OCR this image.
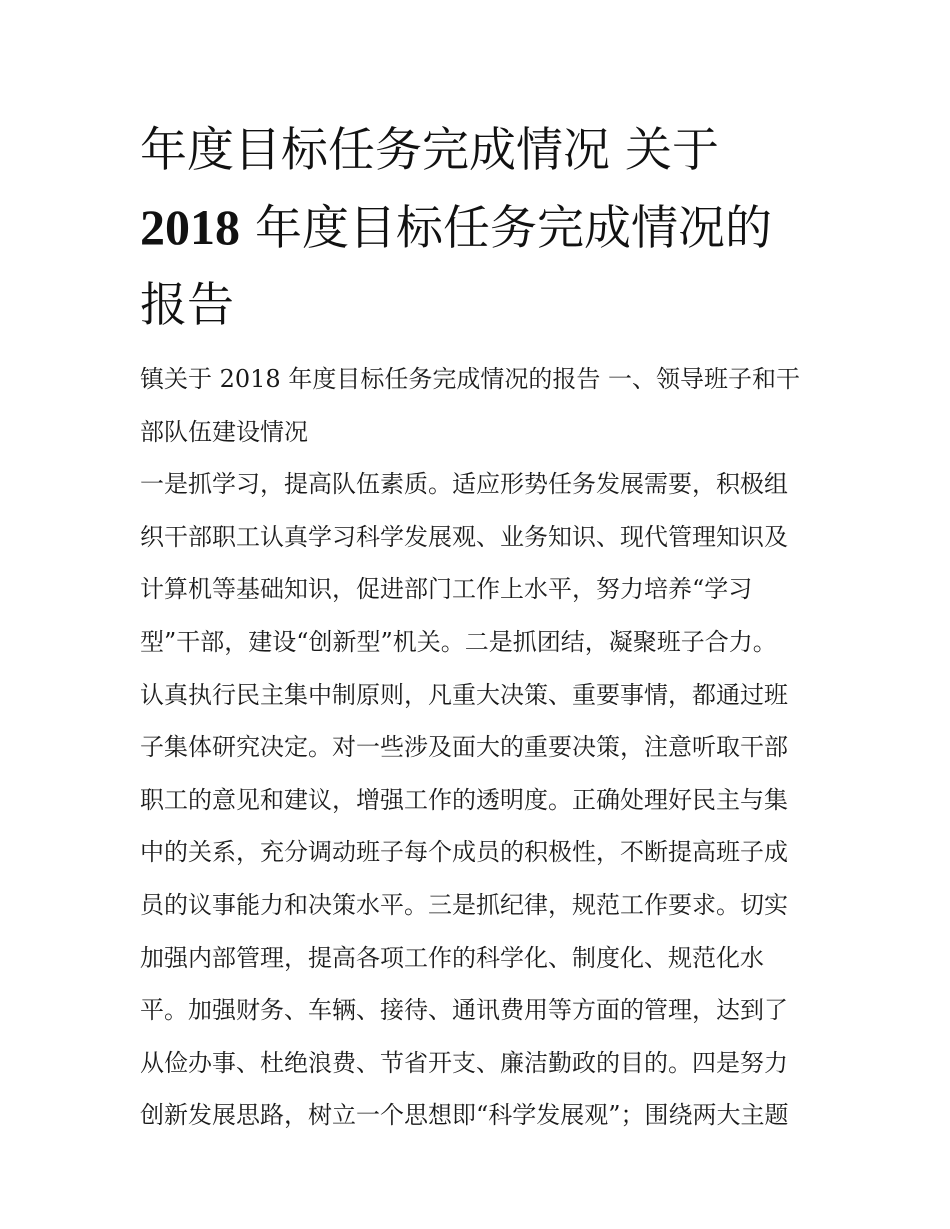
年度目标任务完成情况 关于
2018 年度目标任务完成情况的
报告
镇关于 2018 年度目标任务完成情况的报告 一、领导班子和干
部队伍建设情况
一是抓学习，提高队伍素质。适应形势任务发展需要，积极组
织干部职工认真学习科学发展观、业务知识、现代管理知识及
计算机等基础知识，促进部门工作上水平，努力培养“学习
型”干部，建设“创新型”机关。二是抓团结，凝聚班子合力。
认真执行民主集中制原则，凡重大决策、重要事情，都通过班
子集体研究决定。对一些涉及面大的重要决策，注意听取干部
职工的意见和建议，增强工作的透明度。正确处理好民主与集
中的关系，充分调动班子每个成员的积极性，不断提高班子成
员的议事能力和决策水平。三是抓纪律，规范工作要求。切实
加强内部管理，提高各项工作的科学化、制度化、规范化水
平。加强财务、车辆、接待、通讯费用等方面的管理，达到了
从俭办事、杜绝浪费、节省开支、廉洁勤政的目的。四是努力
创新发展思路，树立一个思想即“科学发展观”；围绕两大主题
